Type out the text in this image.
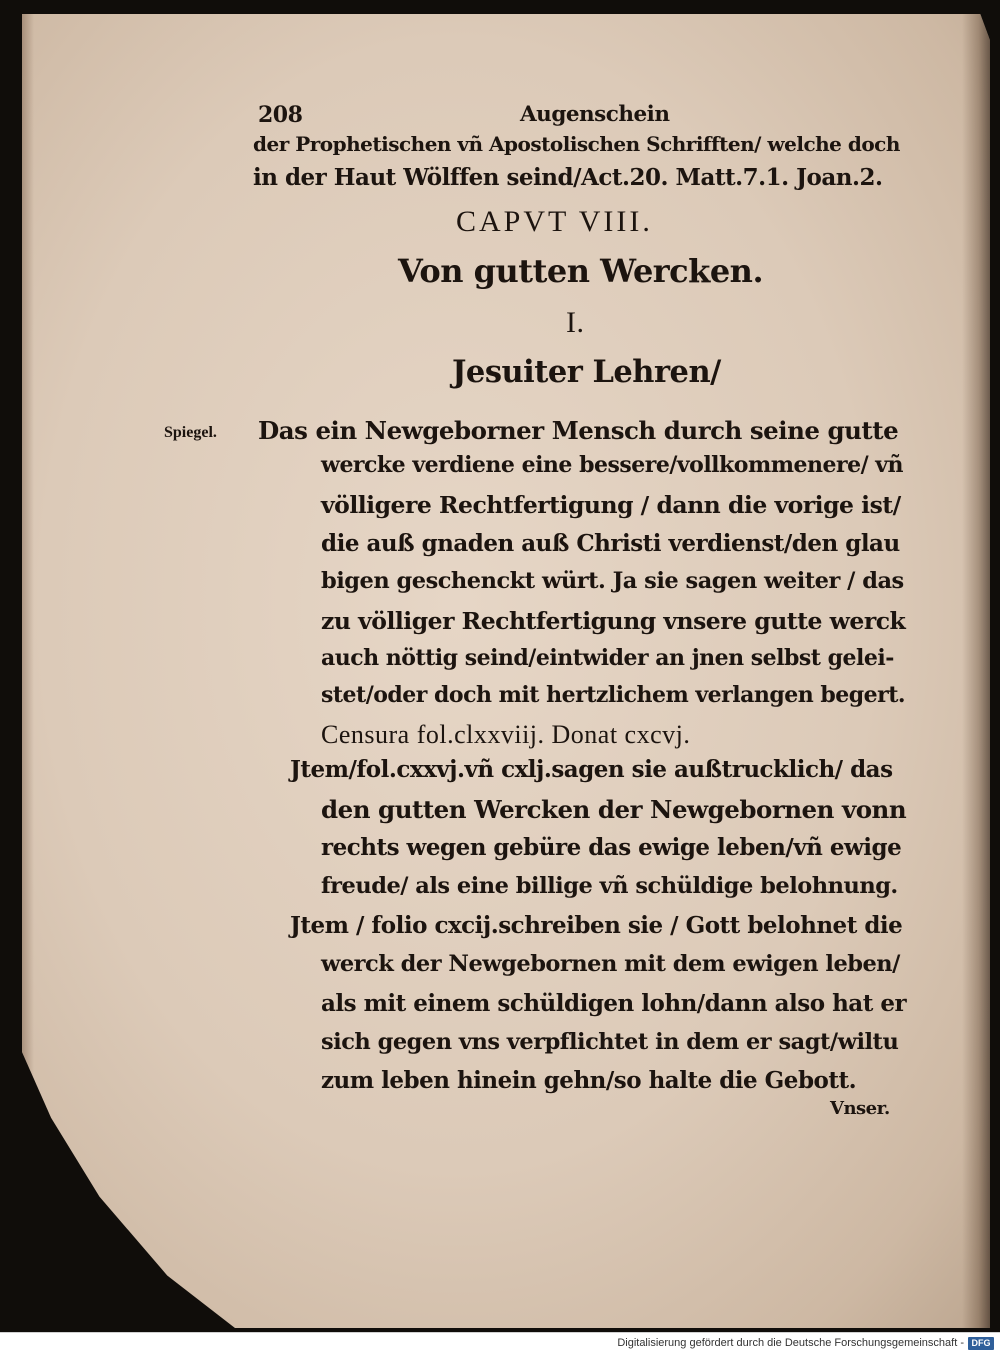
208	Augenschein
der Prophetischen vñ Apostolischen Schrifften/ welche doch
in der Haut Wölffen seind/Act.20. Matt.7.1. Joan.2.
CAPVT VIII.
Von gutten Wercken.
I.
Jesuiter Lehren/
Spiegel. Das ein Newgeborner Mensch durch seine gutte
wercke verdiene eine bessere/vollkommenere/ vñ
völligere Rechtfertigung / dann die vorige ist/
die auß gnaden auß Christi verdienst/den glau
bigen geschenckt würt. Ja sie sagen weiter / das
zu völliger Rechtfertigung vnsere gutte werck
auch nöttig seind/eintwider an jnen selbst gelei-
stet/oder doch mit hertzlichem verlangen begert.
Censura fol.clxxviij. Donat cxcvj.
Jtem/fol.cxxvj.vñ cxlj.sagen sie außtrucklich/ das
den gutten Wercken der Newgebornen vonn
rechts wegen gebüre das ewige leben/vñ ewige
freude/ als eine billige vñ schüldige belohnung.
Jtem / folio cxcij.schreiben sie / Gott belohnet die
werck der Newgebornen mit dem ewigen leben/
als mit einem schüldigen lohn/dann also hat er
sich gegen vns verpflichtet in dem er sagt/wiltu
zum leben hinein gehn/so halte die Gebott.
Vnser.
Digitalisierung gefördert durch die Deutsche Forschungsgemeinschaft - DFG
